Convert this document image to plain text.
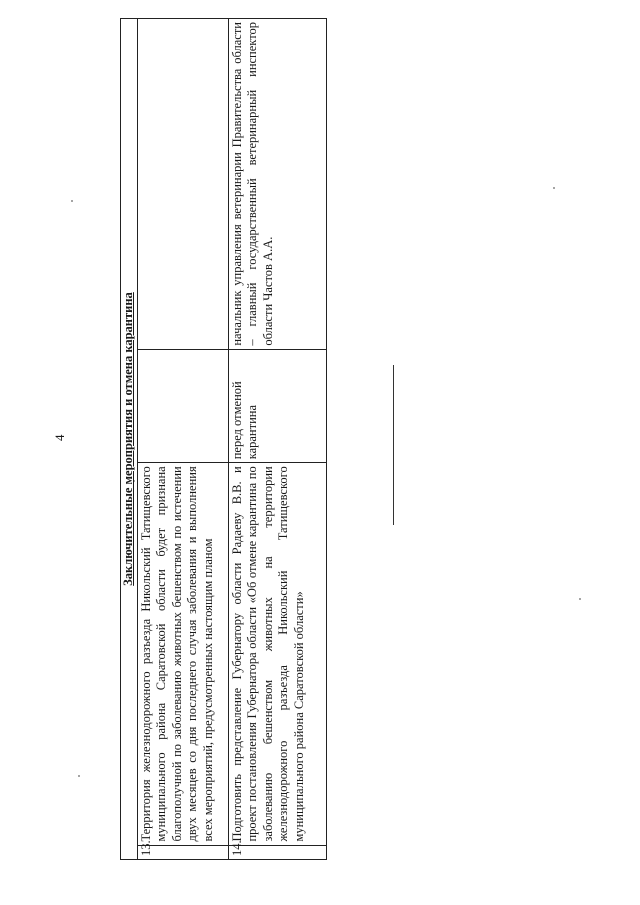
4	Заключительные мероприятия и отмена карантина			
13.	Территория железнодорожного разъезда Никольский Татищевского муниципального района Саратовской области будет признана благополучной по заболеванию животных бешенством по истечении двух месяцев со дня последнего случая заболевания и выполнения всех мероприятий, предусмотренных настоящим планом		
14.	Подготовить представление Губернатору области Радаеву В.В. и проект постановления Губернатора области «Об отмене карантина по заболеванию бешенством животных на территории железнодорожного разъезда Никольский Татищевского муниципального района Саратовской области»	перед отменой карантина	начальник управления ветеринарии Правительства области – главный государственный ветеринарный инспектор области Частов А.А.
